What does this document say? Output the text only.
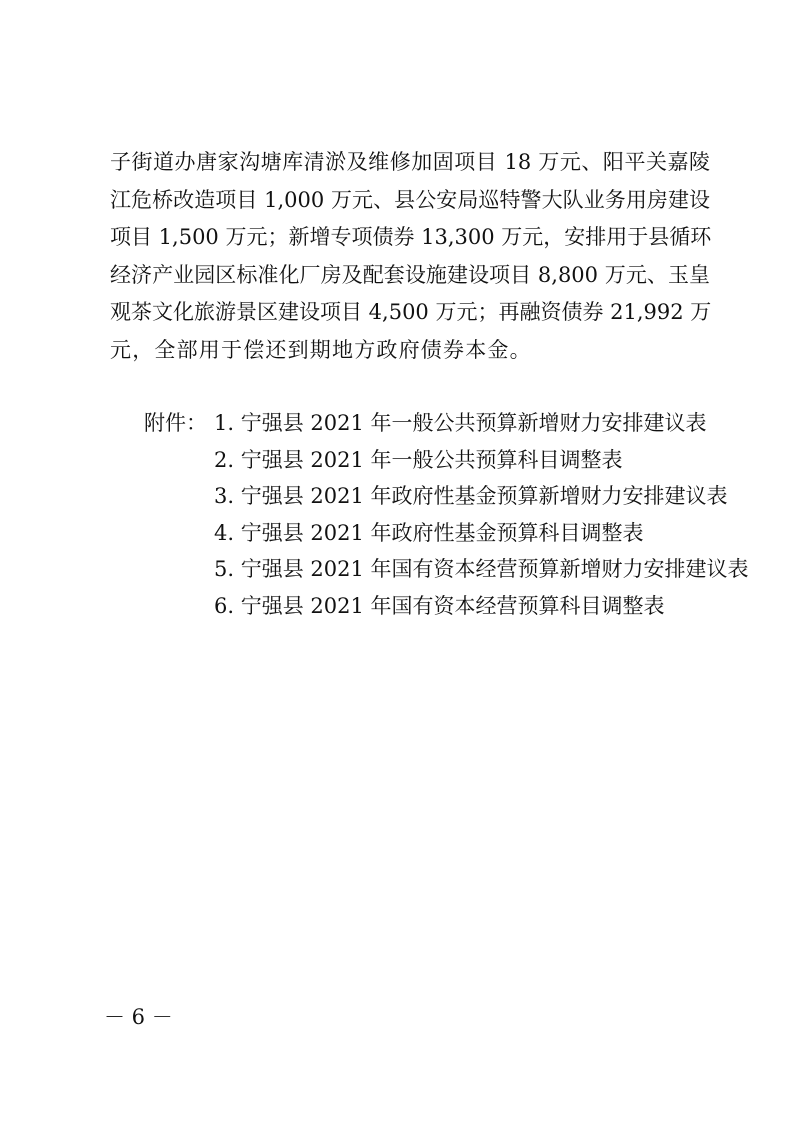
子街道办唐家沟塘库清淤及维修加固项目 18 万元、阳平关嘉陵
江危桥改造项目 1,000 万元、县公安局巡特警大队业务用房建设
项目 1,500 万元；新增专项债券 13,300 万元，安排用于县循环
经济产业园区标准化厂房及配套设施建设项目 8,800 万元、玉皇
观茶文化旅游景区建设项目 4,500 万元；再融资债券 21,992 万
元，全部用于偿还到期地方政府债券本金。
附件： 1. 宁强县 2021 年一般公共预算新增财力安排建议表
2. 宁强县 2021 年一般公共预算科目调整表
3. 宁强县 2021 年政府性基金预算新增财力安排建议表
4. 宁强县 2021 年政府性基金预算科目调整表
5. 宁强县 2021 年国有资本经营预算新增财力安排建议表
6. 宁强县 2021 年国有资本经营预算科目调整表
－ 6 －
